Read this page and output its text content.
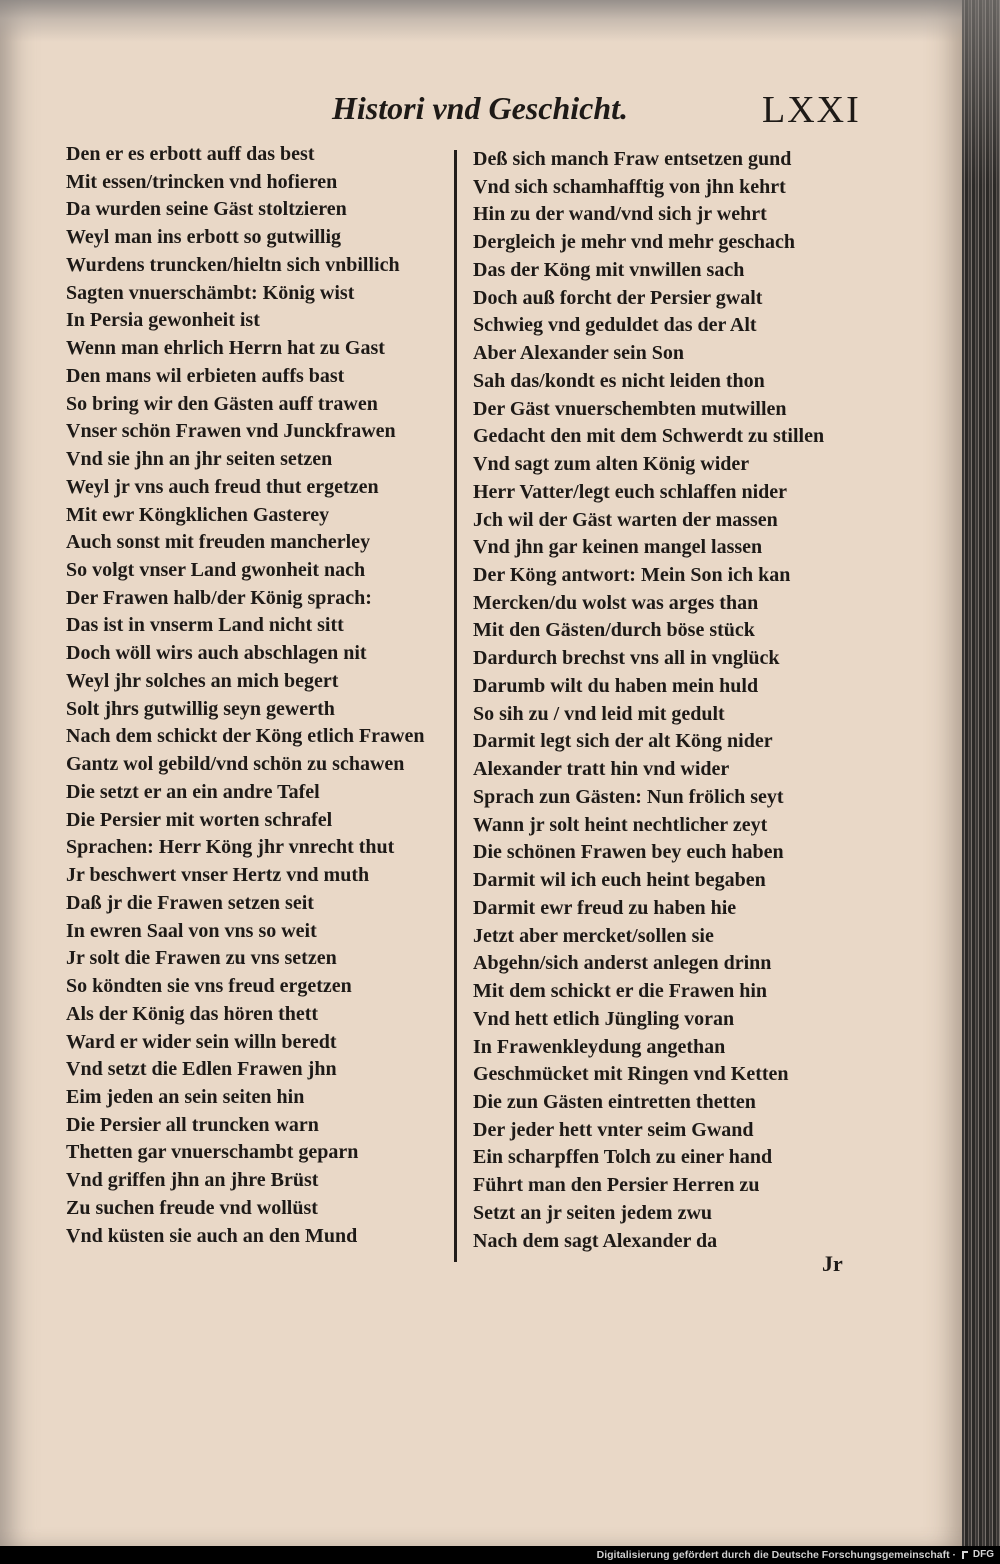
Histori vnd Geschicht.	LXXI
Den er es erbott auff das best
Mit essen/trincken vnd hofieren
Da wurden seine Gäst stoltzieren
Weyl man ins erbott so gutwillig
Wurdens truncken/hieltn sich vnbillich
Sagten vnuerschämbt: König wist
In Persia gewonheit ist
Wenn man ehrlich Herrn hat zu Gast
Den mans wil erbieten auffs bast
So bring wir den Gästen auff trawen
Vnser schön Frawen vnd Junckfrawen
Vnd sie jhn an jhr seiten setzen
Weyl jr vns auch freud thut ergetzen
Mit ewr Köngklichen Gasterey
Auch sonst mit freuden mancherley
So volgt vnser Land gwonheit nach
Der Frawen halb/der König sprach:
Das ist in vnserm Land nicht sitt
Doch wöll wirs auch abschlagen nit
Weyl jhr solches an mich begert
Solt jhrs gutwillig seyn gewerth
Nach dem schickt der Köng etlich Frawen
Gantz wol gebild/vnd schön zu schawen
Die setzt er an ein andre Tafel
Die Persier mit worten schrafel
Sprachen: Herr Köng jhr vnrecht thut
Jr beschwert vnser Hertz vnd muth
Daß jr die Frawen setzen seit
In ewren Saal von vns so weit
Jr solt die Frawen zu vns setzen
So köndten sie vns freud ergetzen
Als der König das hören thett
Ward er wider sein willn beredt
Vnd setzt die Edlen Frawen jhn
Eim jeden an sein seiten hin
Die Persier all truncken warn
Thetten gar vnuerschambt geparn
Vnd griffen jhn an jhre Brüst
Zu suchen freude vnd wollüst
Vnd küsten sie auch an den Mund
Deß sich manch Fraw entsetzen gund
Vnd sich schamhafftig von jhn kehrt
Hin zu der wand/vnd sich jr wehrt
Dergleich je mehr vnd mehr geschach
Das der Köng mit vnwillen sach
Doch auß forcht der Persier gwalt
Schwieg vnd geduldet das der Alt
Aber Alexander sein Son
Sah das/kondt es nicht leiden thon
Der Gäst vnuerschembten mutwillen
Gedacht den mit dem Schwerdt zu stillen
Vnd sagt zum alten König wider
Herr Vatter/legt euch schlaffen nider
Jch wil der Gäst warten der massen
Vnd jhn gar keinen mangel lassen
Der Köng antwort: Mein Son ich kan
Mercken/du wolst was arges than
Mit den Gästen/durch böse stück
Dardurch brechst vns all in vnglück
Darumb wilt du haben mein huld
So sih zu / vnd leid mit gedult
Darmit legt sich der alt Köng nider
Alexander tratt hin vnd wider
Sprach zun Gästen: Nun frölich seyt
Wann jr solt heint nechtlicher zeyt
Die schönen Frawen bey euch haben
Darmit wil ich euch heint begaben
Darmit ewr freud zu haben hie
Jetzt aber mercket/sollen sie
Abgehn/sich anderst anlegen drinn
Mit dem schickt er die Frawen hin
Vnd hett etlich Jüngling voran
In Frawenkleydung angethan
Geschmücket mit Ringen vnd Ketten
Die zun Gästen eintretten thetten
Der jeder hett vnter seim Gwand
Ein scharpffen Tolch zu einer hand
Führt man den Persier Herren zu
Setzt an jr seiten jedem zwu
Nach dem sagt Alexander da
Jr
Digitalisierung gefördert durch die Deutsche Forschungsgemeinschaft ·	DFG
